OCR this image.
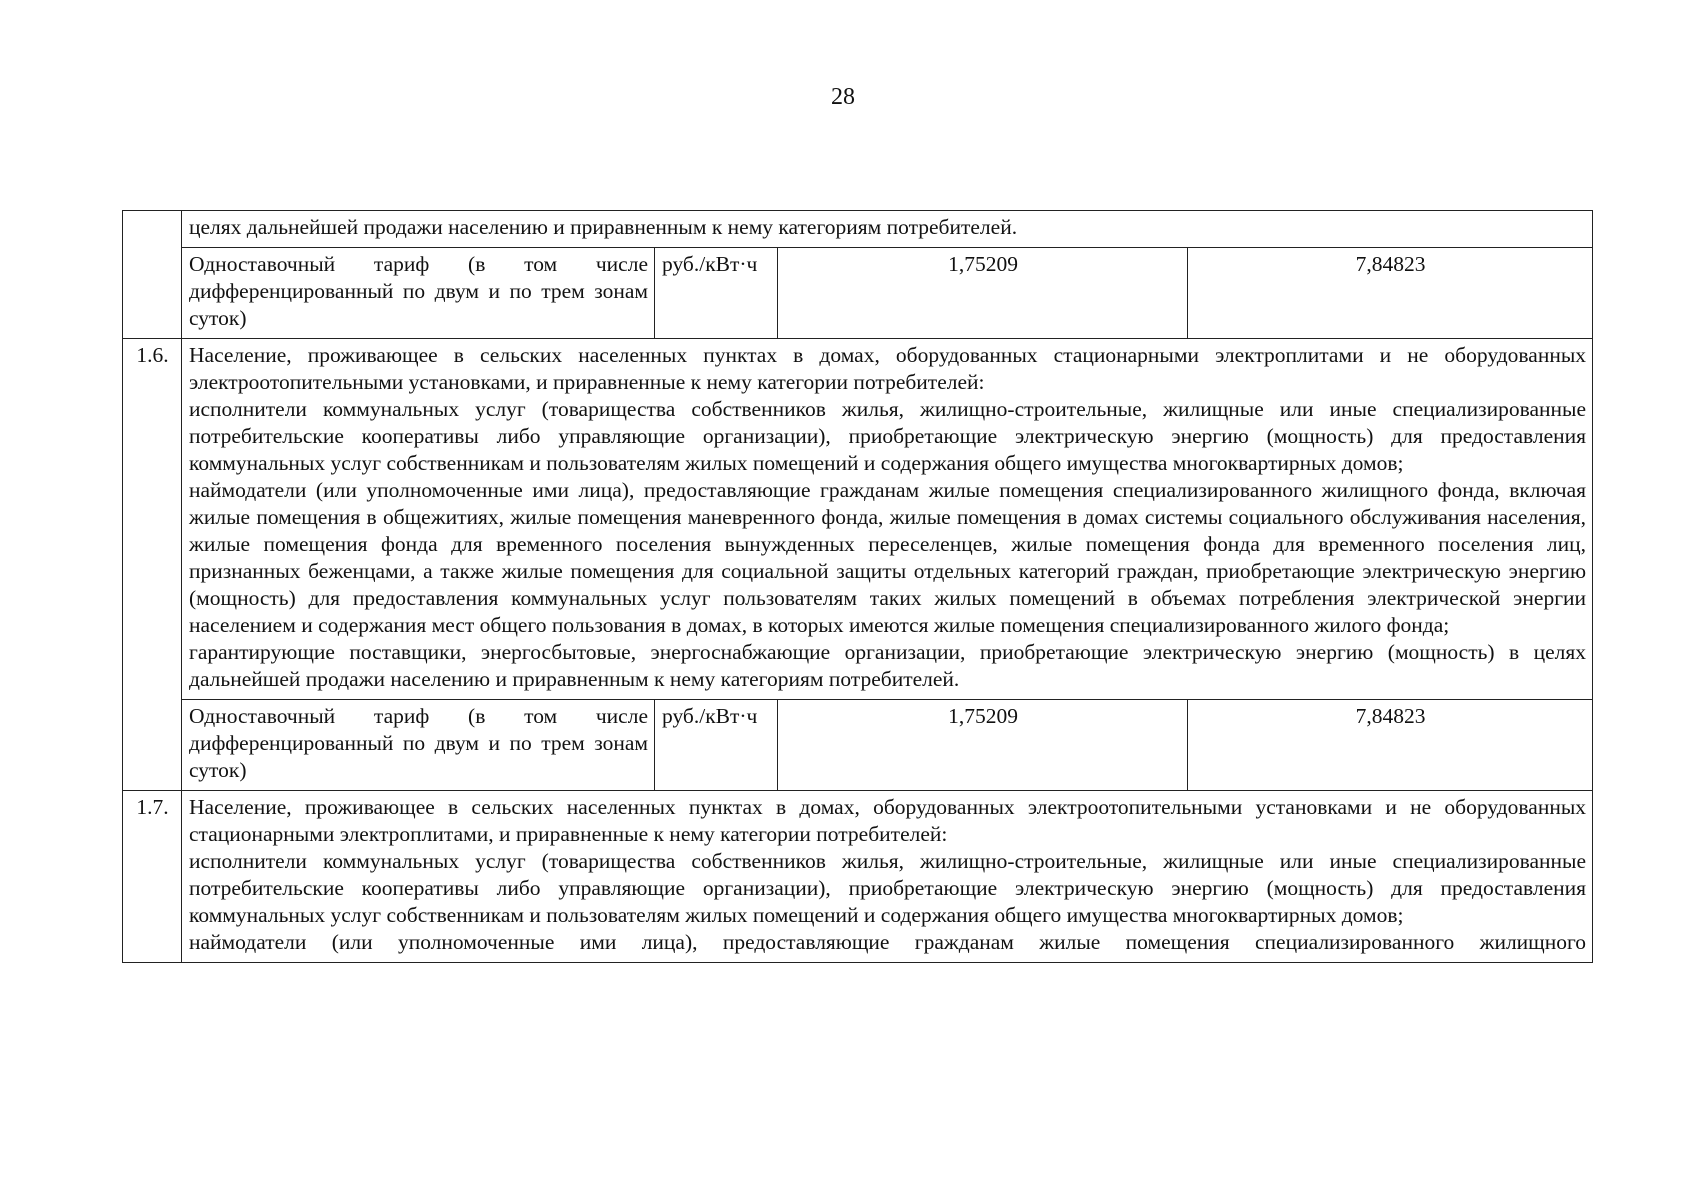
28
	целях дальнейшей продажи населению и приравненным к нему категориям потребителей.			
	Одноставочный тариф (в том числе дифференцированный по двум и по трем зонам суток)	руб./кВт·ч	1,75209	7,84823
1.6.	Население, проживающее в сельских населенных пунктах в домах, оборудованных стационарными электроплитами и не оборудованных электроотопительными установками, и приравненные к нему категории потребителей:

исполнители коммунальных услуг (товарищества собственников жилья, жилищно-строительные, жилищные или иные специализированные потребительские кооперативы либо управляющие организации), приобретающие электрическую энергию (мощность) для предоставления коммунальных услуг собственникам и пользователям жилых помещений и содержания общего имущества многоквартирных домов;

наймодатели (или уполномоченные ими лица), предоставляющие гражданам жилые помещения специализированного жилищного фонда, включая жилые помещения в общежитиях, жилые помещения маневренного фонда, жилые помещения в домах системы социального обслуживания населения, жилые помещения фонда для временного поселения вынужденных переселенцев, жилые помещения фонда для временного поселения лиц, признанных беженцами, а также жилые помещения для социальной защиты отдельных категорий граждан, приобретающие электрическую энергию (мощность) для предоставления коммунальных услуг пользователям таких жилых помещений в объемах потребления электрической энергии населением и содержания мест общего пользования в домах, в которых имеются жилые помещения специализированного жилого фонда;

гарантирующие поставщики, энергосбытовые, энергоснабжающие организации, приобретающие электрическую энергию (мощность) в целях дальнейшей продажи населению и приравненным к нему категориям потребителей.			

	Одноставочный тариф (в том числе дифференцированный по двум и по трем зонам суток)	руб./кВт·ч	1,75209	7,84823
1.7.	Население, проживающее в сельских населенных пунктах в домах, оборудованных электроотопительными установками и не оборудованных стационарными электроплитами, и приравненные к нему категории потребителей:

исполнители коммунальных услуг (товарищества собственников жилья, жилищно-строительные, жилищные или иные специализированные потребительские кооперативы либо управляющие организации), приобретающие электрическую энергию (мощность) для предоставления коммунальных услуг собственникам и пользователям жилых помещений и содержания общего имущества многоквартирных домов;

наймодатели (или уполномоченные ими лица), предоставляющие гражданам жилые помещения специализированного жилищного			
